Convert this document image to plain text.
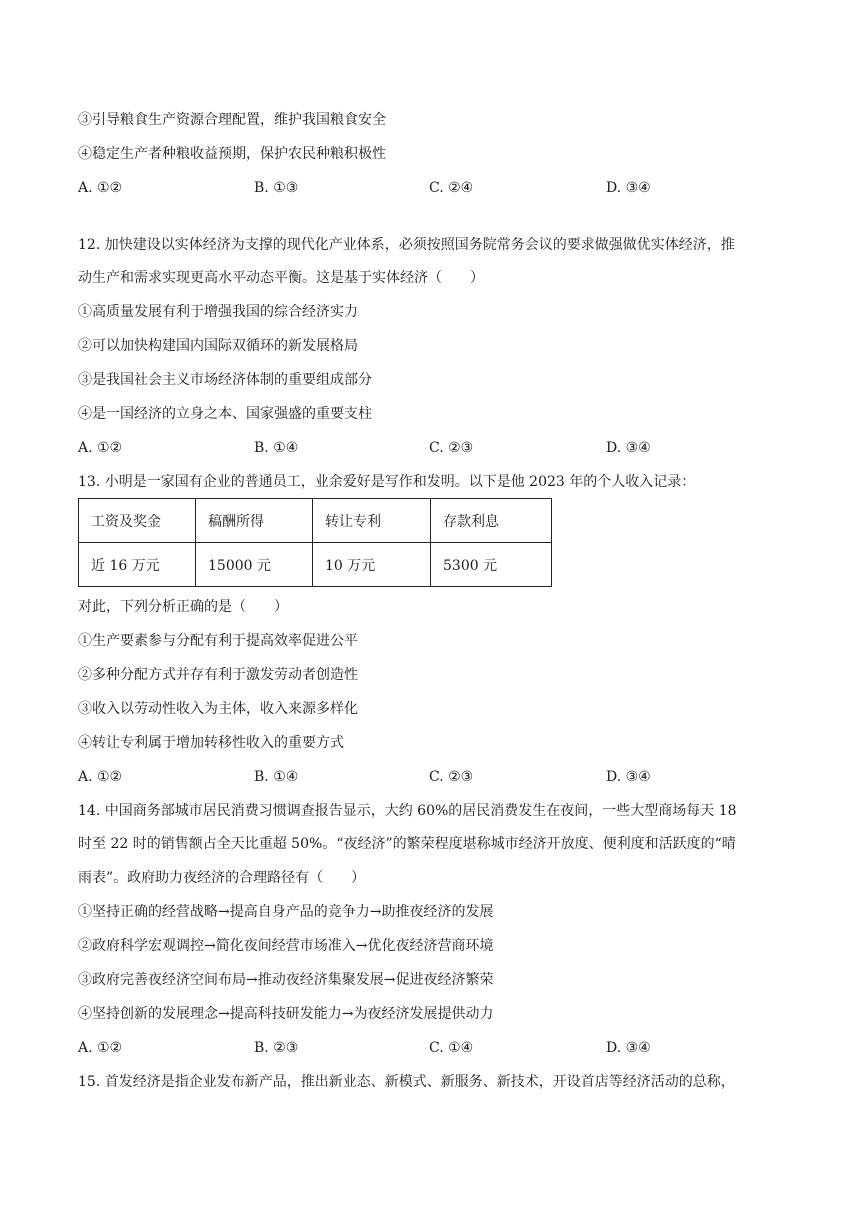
③引导粮食生产资源合理配置，维护我国粮食安全
④稳定生产者种粮收益预期，保护农民种粮积极性
A. ①②	B. ①③	C. ②④	D. ③④
12. 加快建设以实体经济为支撑的现代化产业体系，必须按照国务院常务会议的要求做强做优实体经济，推
动生产和需求实现更高水平动态平衡。这是基于实体经济（　　）
①高质量发展有利于增强我国的综合经济实力
②可以加快构建国内国际双循环的新发展格局
③是我国社会主义市场经济体制的重要组成部分
④是一国经济的立身之本、国家强盛的重要支柱
A. ①②	B. ①④	C. ②③	D. ③④
13. 小明是一家国有企业的普通员工，业余爱好是写作和发明。以下是他 2023 年的个人收入记录：
工资及奖金	稿酬所得	转让专利	存款利息
近 16 万元	15000 元	10 万元	5300 元
对此，下列分析正确的是（　　）
①生产要素参与分配有利于提高效率促进公平
②多种分配方式并存有利于激发劳动者创造性
③收入以劳动性收入为主体，收入来源多样化
④转让专利属于增加转移性收入的重要方式
A. ①②	B. ①④	C. ②③	D. ③④
14. 中国商务部城市居民消费习惯调查报告显示，大约 60%的居民消费发生在夜间，一些大型商场每天 18
时至 22 时的销售额占全天比重超 50%。“夜经济”的繁荣程度堪称城市经济开放度、便利度和活跃度的“晴
雨表”。政府助力夜经济的合理路径有（　　）
①坚持正确的经营战略→提高自身产品的竞争力→助推夜经济的发展
②政府科学宏观调控→简化夜间经营市场准入→优化夜经济营商环境
③政府完善夜经济空间布局→推动夜经济集聚发展→促进夜经济繁荣
④坚持创新的发展理念→提高科技研发能力→为夜经济发展提供动力
A. ①②	B. ②③	C. ①④	D. ③④
15. 首发经济是指企业发布新产品，推出新业态、新模式、新服务、新技术，开设首店等经济活动的总称，
